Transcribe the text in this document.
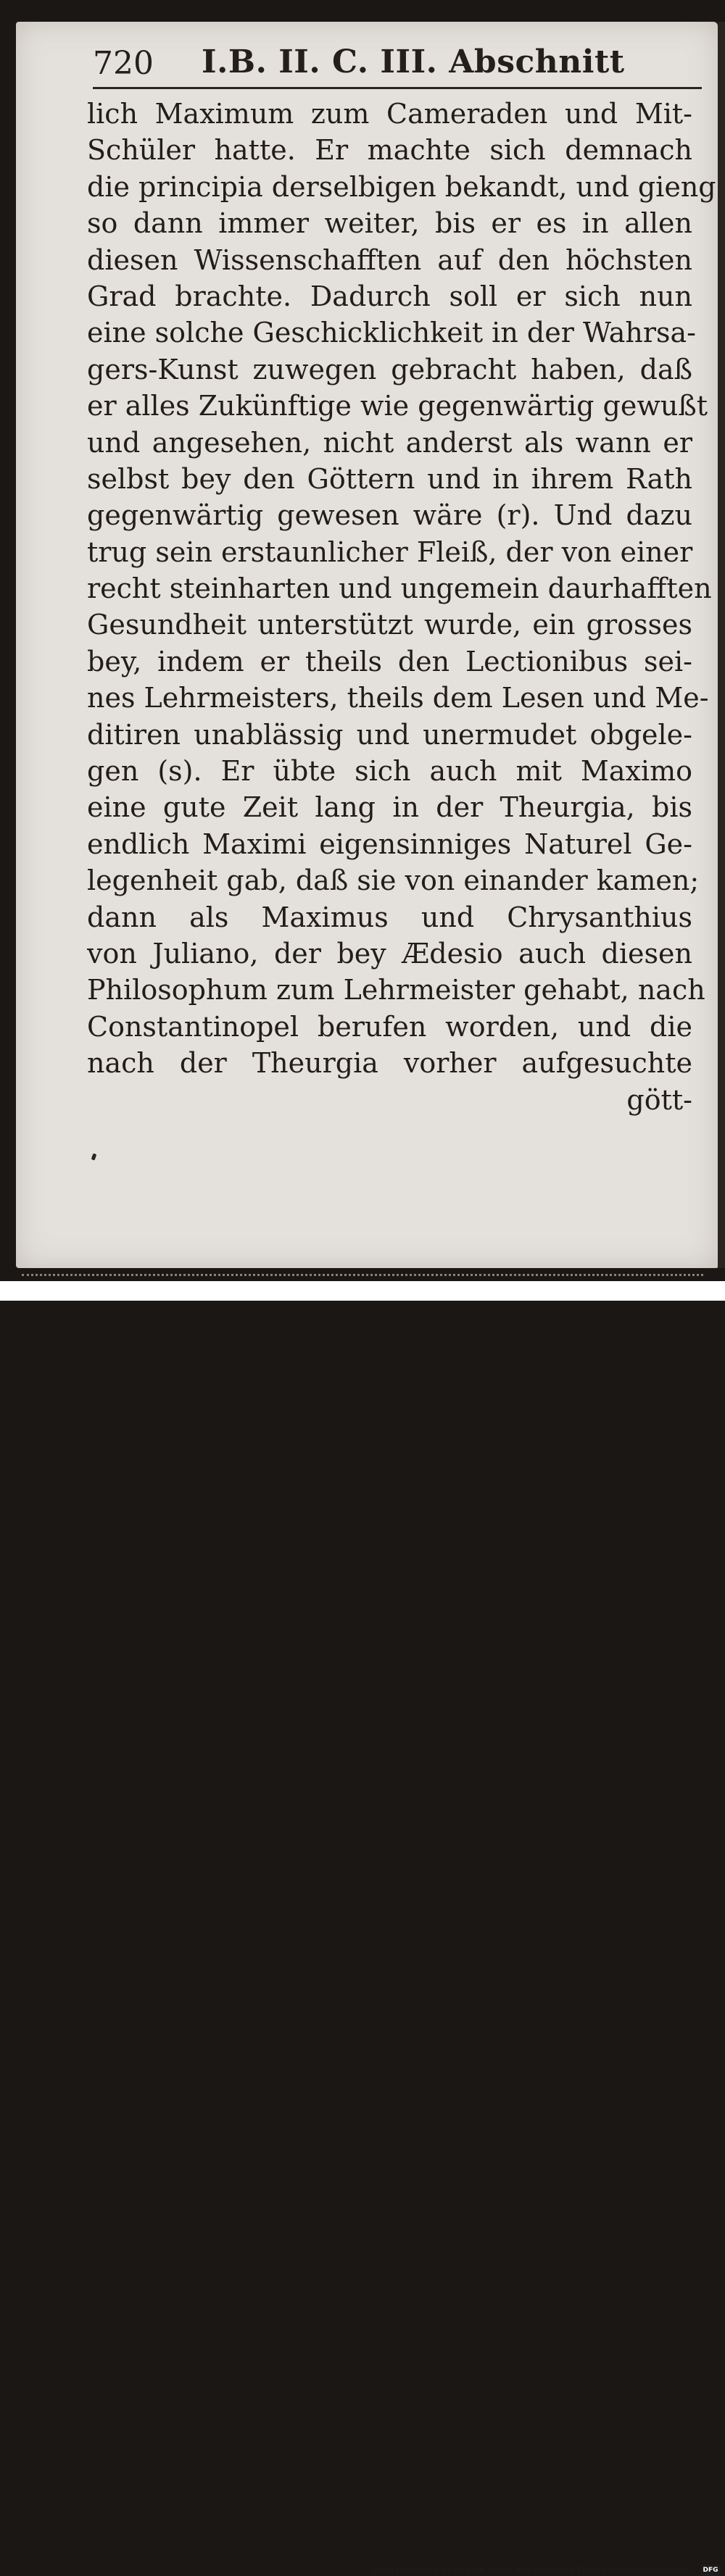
720 I.B. II. C. III. Abschnitt
lich Maximum zum Cameraden und Mit-
Schüler hatte. Er machte sich demnach
die principia derselbigen bekandt, und gieng
so dann immer weiter, bis er es in allen
diesen Wissenschafften auf den höchsten
Grad brachte. Dadurch soll er sich nun
eine solche Geschicklichkeit in der Wahrsa-
gers-Kunst zuwegen gebracht haben, daß
er alles Zukünftige wie gegenwärtig gewußt
und angesehen, nicht anderst als wann er
selbst bey den Göttern und in ihrem Rath
gegenwärtig gewesen wäre (r). Und dazu
trug sein erstaunlicher Fleiß, der von einer
recht steinharten und ungemein daurhafften
Gesundheit unterstützt wurde, ein grosses
bey, indem er theils den Lectionibus sei-
nes Lehrmeisters, theils dem Lesen und Me-
ditiren unablässig und unermudet obgele-
gen (s). Er übte sich auch mit Maximo
eine gute Zeit lang in der Theurgia, bis
endlich Maximi eigensinniges Naturel Ge-
legenheit gab, daß sie von einander kamen;
dann als Maximus und Chrysanthius
von Juliano, der bey Ædesio auch diesen
Philosophum zum Lehrmeister gehabt, nach
Constantinopel berufen worden, und die
nach der Theurgia vorher aufgesuchte
gött-
Digitalisierung gefördert durch die Deutsche Forschungsgemeinschaft -	DFG
